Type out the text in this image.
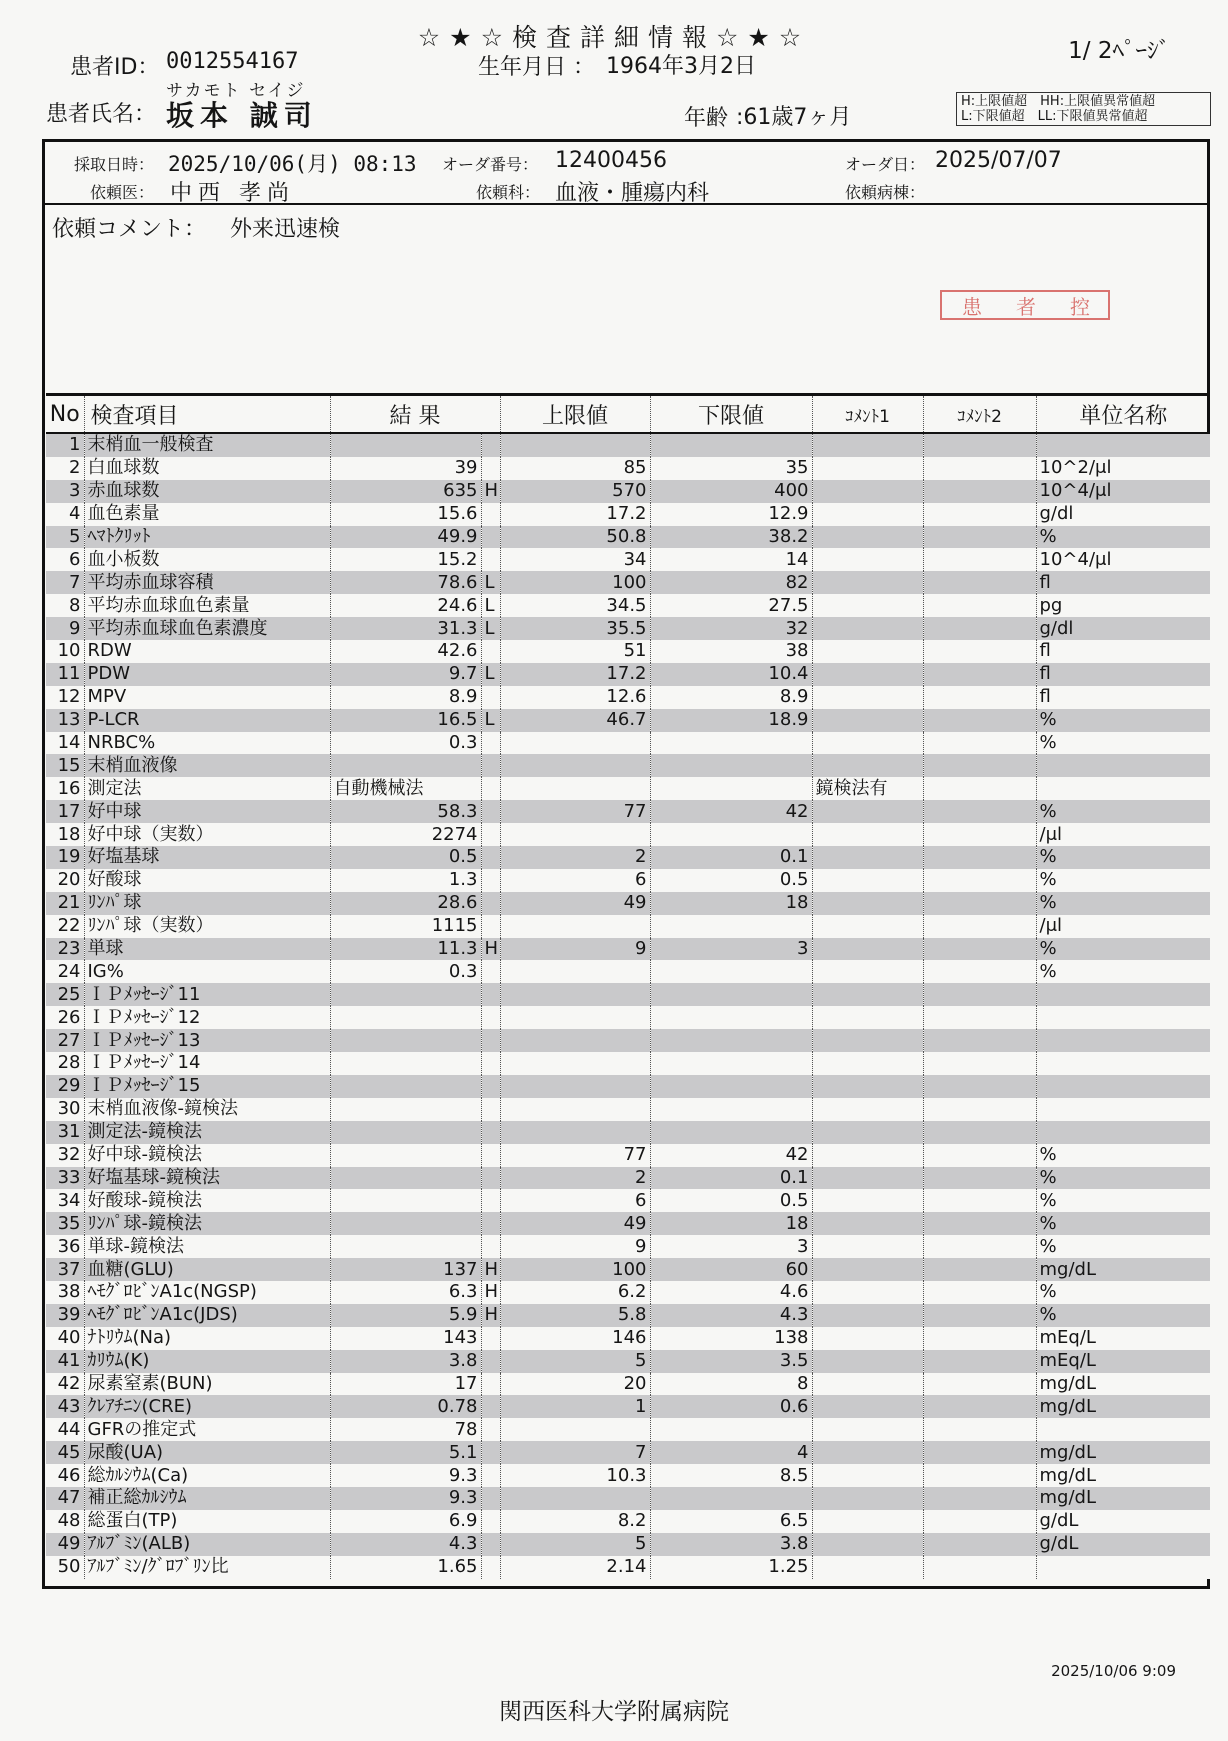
☆★☆検査詳細情報☆★☆	1/ 2ﾍﾟｰｼﾞ
患者ID： 0012554167	生年月日 ： 1964年3月2日
サカモト セイジ
患者氏名： 坂本 誠司	年齢 :61歳7ヶ月
H:上限値超　HH:上限値異常値超
L:下限値超　LL:下限値異常値超
採取日時： 2025/10/06(月) 08:13 オーダ番号： 12400456	オーダ日： 2025/07/07
依頼医： 中西 孝尚	依頼科： 血液・腫瘍内科	依頼病棟：
依頼コメント： 外来迅速検
患者控
No	検査項目	結 果		上限値	下限値	ｺﾒﾝﾄ1	ｺﾒﾝﾄ2	単位名称
1	末梢血一般検査							
2	白血球数	39		85	35			10^2/μl
3	赤血球数	635	H	570	400			10^4/μl
4	血色素量	15.6		17.2	12.9			g/dl
5	ﾍﾏﾄｸﾘｯﾄ	49.9		50.8	38.2			%
6	血小板数	15.2		34	14			10^4/μl
7	平均赤血球容積	78.6	L	100	82			fl
8	平均赤血球血色素量	24.6	L	34.5	27.5			pg
9	平均赤血球血色素濃度	31.3	L	35.5	32			g/dl
10	RDW	42.6		51	38			fl
11	PDW	9.7	L	17.2	10.4			fl
12	MPV	8.9		12.6	8.9			fl
13	P-LCR	16.5	L	46.7	18.9			%
14	NRBC%	0.3						%
15	末梢血液像							
16	測定法	自動機械法				鏡検法有		
17	好中球	58.3		77	42			%
18	好中球（実数）	2274						/μl
19	好塩基球	0.5		2	0.1			%
20	好酸球	1.3		6	0.5			%
21	ﾘﾝﾊﾟ球	28.6		49	18			%
22	ﾘﾝﾊﾟ球（実数）	1115						/μl
23	単球	11.3	H	9	3			%
24	IG%	0.3						%
25	ＩＰﾒｯｾｰｼﾞ11							
26	ＩＰﾒｯｾｰｼﾞ12							
27	ＩＰﾒｯｾｰｼﾞ13							
28	ＩＰﾒｯｾｰｼﾞ14							
29	ＩＰﾒｯｾｰｼﾞ15							
30	末梢血液像-鏡検法							
31	測定法-鏡検法							
32	好中球-鏡検法			77	42			%
33	好塩基球-鏡検法			2	0.1			%
34	好酸球-鏡検法			6	0.5			%
35	ﾘﾝﾊﾟ球-鏡検法			49	18			%
36	単球-鏡検法			9	3			%
37	血糖(GLU)	137	H	100	60			mg/dL
38	ﾍﾓｸﾞﾛﾋﾞﾝA1c(NGSP)	6.3	H	6.2	4.6			%
39	ﾍﾓｸﾞﾛﾋﾞﾝA1c(JDS)	5.9	H	5.8	4.3			%
40	ﾅﾄﾘｳﾑ(Na)	143		146	138			mEq/L
41	ｶﾘｳﾑ(K)	3.8		5	3.5			mEq/L
42	尿素窒素(BUN)	17		20	8			mg/dL
43	ｸﾚｱﾁﾆﾝ(CRE)	0.78		1	0.6			mg/dL
44	GFRの推定式	78						
45	尿酸(UA)	5.1		7	4			mg/dL
46	総ｶﾙｼｳﾑ(Ca)	9.3		10.3	8.5			mg/dL
47	補正総ｶﾙｼｳﾑ	9.3						mg/dL
48	総蛋白(TP)	6.9		8.2	6.5			g/dL
49	ｱﾙﾌﾞﾐﾝ(ALB)	4.3		5	3.8			g/dL
50	ｱﾙﾌﾞﾐﾝ/ｸﾞﾛﾌﾞﾘﾝ比	1.65		2.14	1.25			
2025/10/06 9:09
関西医科大学附属病院
